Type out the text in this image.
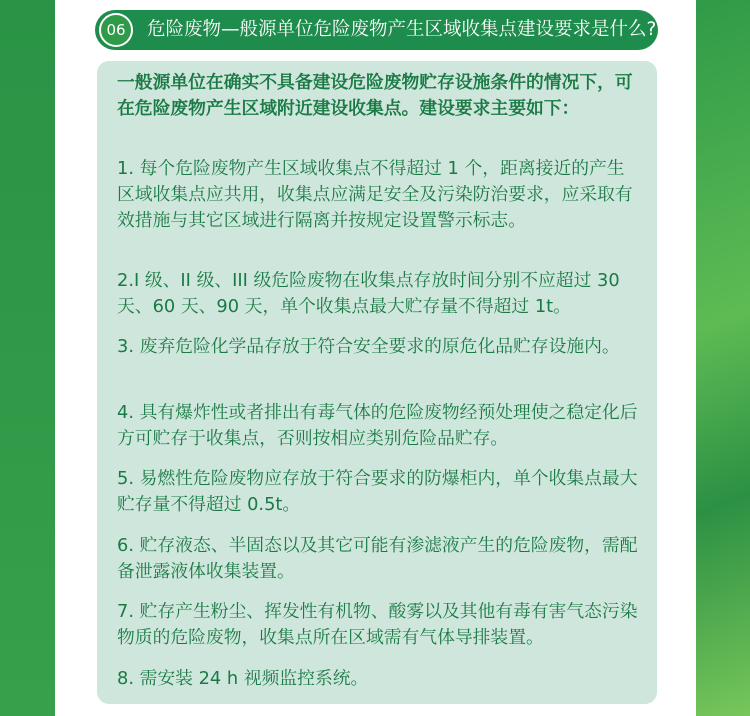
06	危险废物—般源单位危险废物产生区域收集点建设要求是什么?

一般源单位在确实不具备建设危险废物贮存设施条件的情况下，可在危险废物产生区域附近建设收集点。建设要求主要如下：

1. 每个危险废物产生区域收集点不得超过 1 个，距离接近的产生区域收集点应共用，收集点应满足安全及污染防治要求，应采取有效措施与其它区域进行隔离并按规定设置警示标志。

2.I 级、II 级、III 级危险废物在收集点存放时间分别不应超过 30 天、60 天、90 天，单个收集点最大贮存量不得超过 1t。

3. 废弃危险化学品存放于符合安全要求的原危化品贮存设施内。

4. 具有爆炸性或者排出有毒气体的危险废物经预处理使之稳定化后方可贮存于收集点，否则按相应类别危险品贮存。

5. 易燃性危险废物应存放于符合要求的防爆柜内，单个收集点最大贮存量不得超过 0.5t。

6. 贮存液态、半固态以及其它可能有渗滤液产生的危险废物，需配备泄露液体收集装置。

7. 贮存产生粉尘、挥发性有机物、酸雾以及其他有毒有害气态污染物质的危险废物，收集点所在区域需有气体导排装置。

8. 需安装 24 h 视频监控系统。
